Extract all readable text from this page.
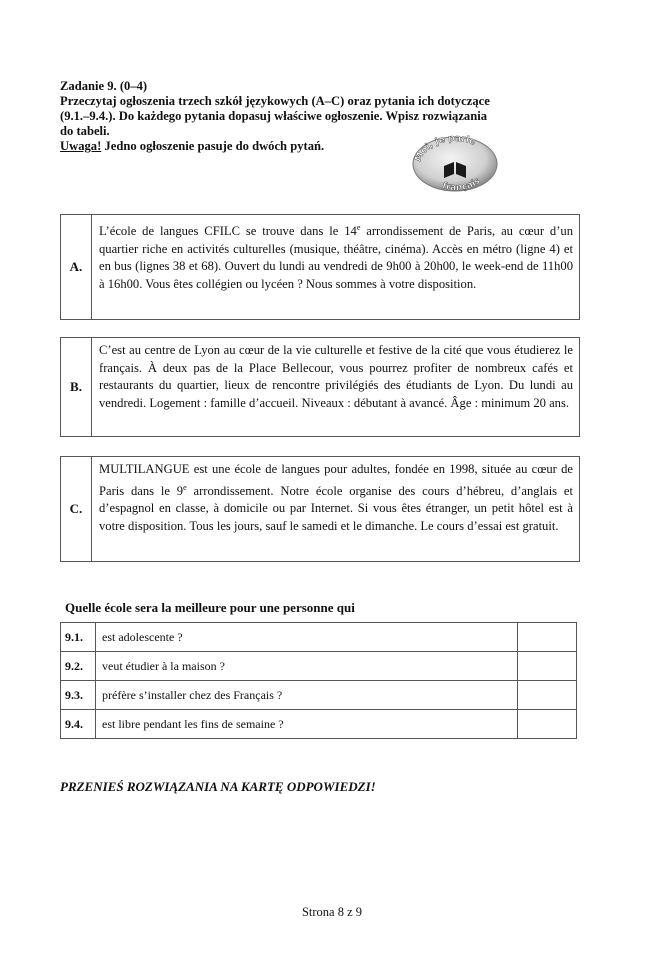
Zadanie 9. (0–4)
Przeczytaj ogłoszenia trzech szkół językowych (A–C) oraz pytania ich dotyczące
(9.1.–9.4.). Do każdego pytania dopasuj właściwe ogłoszenie. Wpisz rozwiązania
do tabeli.
Uwaga! Jedno ogłoszenie pasuje do dwóch pytań.
Moi, je parle
français
A.
L’école de langues CFILC se trouve dans le 14e arrondissement de Paris, au cœur d’un quartier riche en activités culturelles (musique, théâtre, cinéma). Accès en métro (ligne 4) et en bus (lignes 38 et 68). Ouvert du lundi au vendredi de 9h00 à 20h00, le week-end de 11h00 à 16h00. Vous êtes collégien ou lycéen ? Nous sommes à votre disposition.
B.
C’est au centre de Lyon au cœur de la vie culturelle et festive de la cité que vous étudierez le français. À deux pas de la Place Bellecour, vous pourrez profiter de nombreux cafés et restaurants du quartier, lieux de rencontre privilégiés des étudiants de Lyon. Du lundi au vendredi. Logement : famille d’accueil. Niveaux : débutant à avancé. Âge : minimum 20 ans.
C.
MULTILANGUE est une école de langues pour adultes, fondée en 1998, située au cœur de Paris dans le 9e arrondissement. Notre école organise des cours d’hébreu, d’anglais et d’espagnol en classe, à domicile ou par Internet. Si vous êtes étranger, un petit hôtel est à votre disposition. Tous les jours, sauf le samedi et le dimanche. Le cours d’essai est gratuit.
Quelle école sera la meilleure pour une personne qui
9.1.	est adolescente ?	
9.2.	veut étudier à la maison ?	
9.3.	préfère s’installer chez des Français ?	
9.4.	est libre pendant les fins de semaine ?	
PRZENIEŚ ROZWIĄZANIA NA KARTĘ ODPOWIEDZI!
Strona 8 z 9
